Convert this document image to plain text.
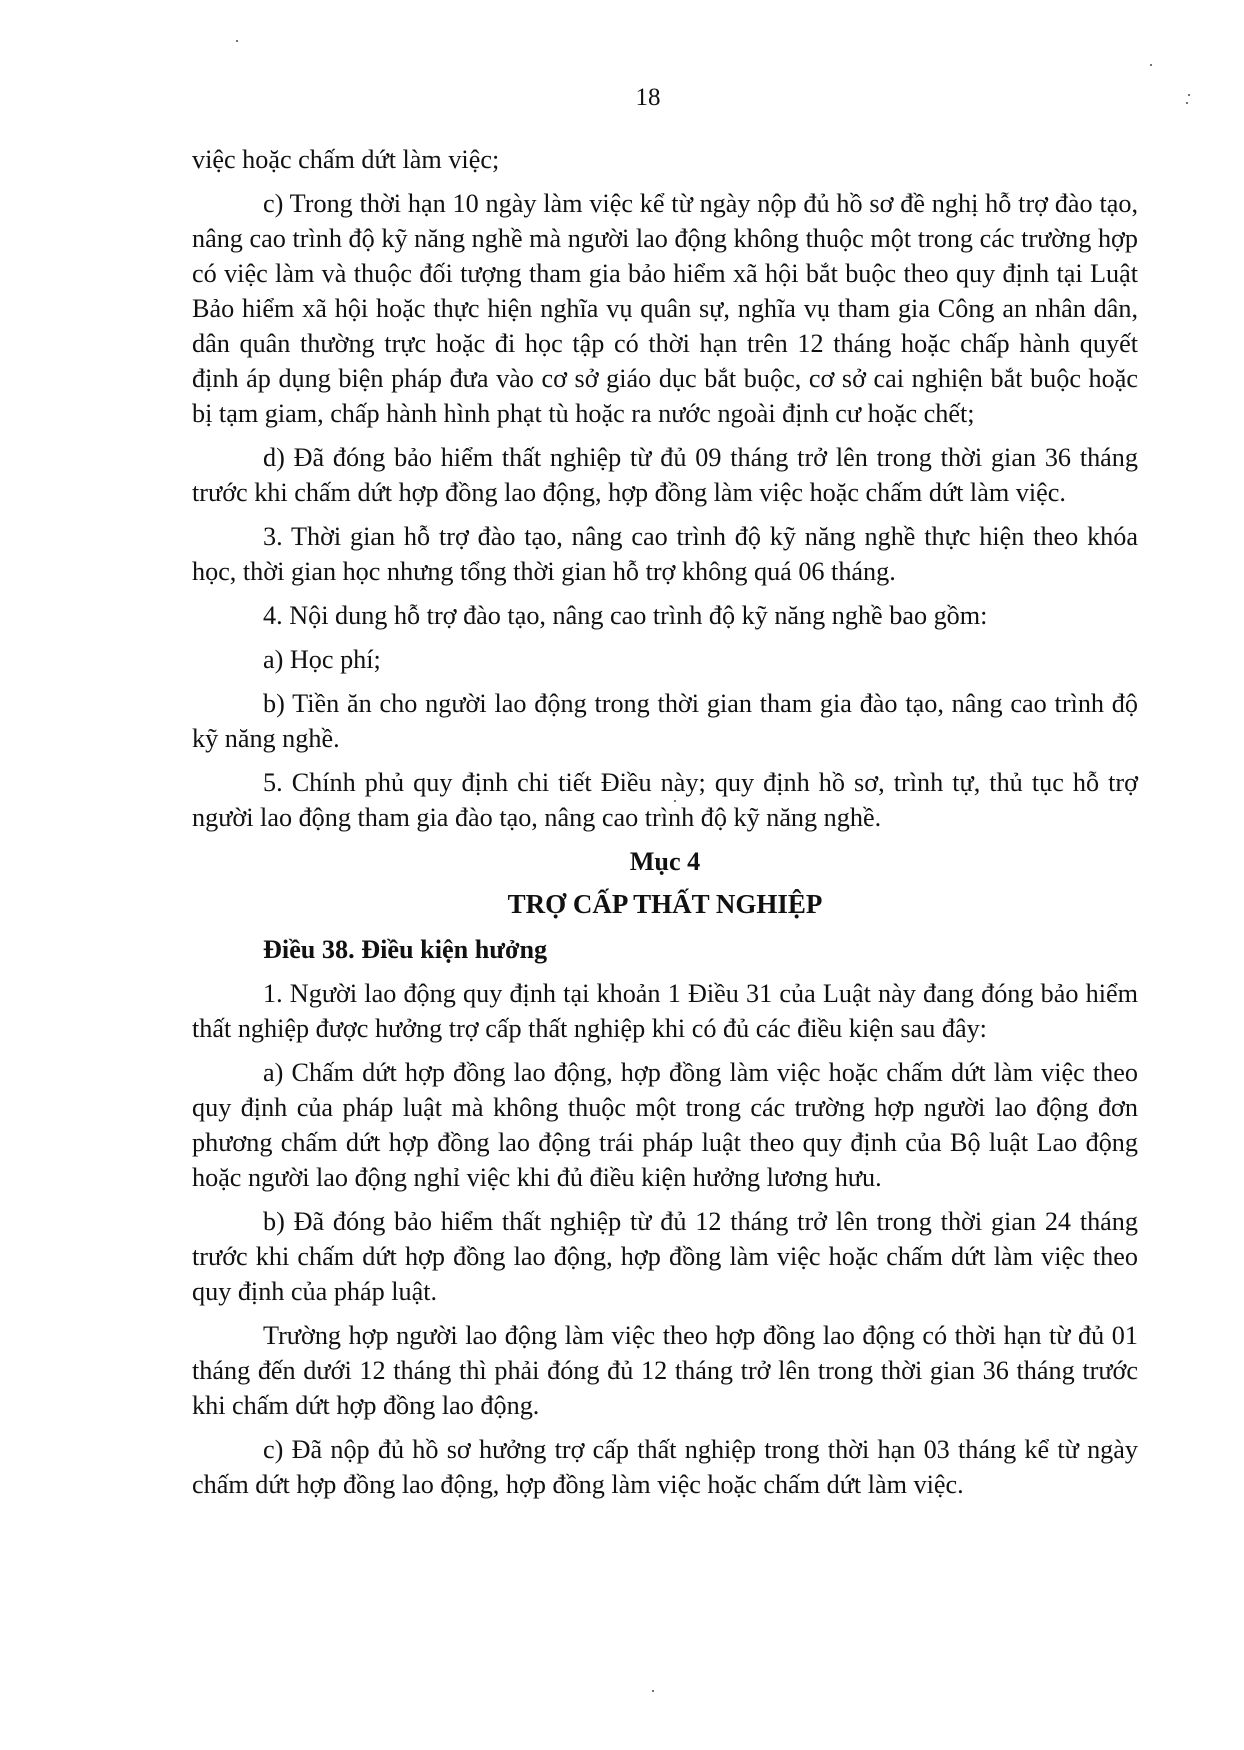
18

việc hoặc chấm dứt làm việc;

c) Trong thời hạn 10 ngày làm việc kể từ ngày nộp đủ hồ sơ đề nghị hỗ trợ đào tạo, nâng cao trình độ kỹ năng nghề mà người lao động không thuộc một trong các trường hợp có việc làm và thuộc đối tượng tham gia bảo hiểm xã hội bắt buộc theo quy định tại Luật Bảo hiểm xã hội hoặc thực hiện nghĩa vụ quân sự, nghĩa vụ tham gia Công an nhân dân, dân quân thường trực hoặc đi học tập có thời hạn trên 12 tháng hoặc chấp hành quyết định áp dụng biện pháp đưa vào cơ sở giáo dục bắt buộc, cơ sở cai nghiện bắt buộc hoặc bị tạm giam, chấp hành hình phạt tù hoặc ra nước ngoài định cư hoặc chết;

d) Đã đóng bảo hiểm thất nghiệp từ đủ 09 tháng trở lên trong thời gian 36 tháng trước khi chấm dứt hợp đồng lao động, hợp đồng làm việc hoặc chấm dứt làm việc.

3. Thời gian hỗ trợ đào tạo, nâng cao trình độ kỹ năng nghề thực hiện theo khóa học, thời gian học nhưng tổng thời gian hỗ trợ không quá 06 tháng.

4. Nội dung hỗ trợ đào tạo, nâng cao trình độ kỹ năng nghề bao gồm:

a) Học phí;

b) Tiền ăn cho người lao động trong thời gian tham gia đào tạo, nâng cao trình độ kỹ năng nghề.

5. Chính phủ quy định chi tiết Điều này; quy định hồ sơ, trình tự, thủ tục hỗ trợ người lao động tham gia đào tạo, nâng cao trình độ kỹ năng nghề.

Mục 4
TRỢ CẤP THẤT NGHIỆP
Điều 38. Điều kiện hưởng

1. Người lao động quy định tại khoản 1 Điều 31 của Luật này đang đóng bảo hiểm thất nghiệp được hưởng trợ cấp thất nghiệp khi có đủ các điều kiện sau đây:

a) Chấm dứt hợp đồng lao động, hợp đồng làm việc hoặc chấm dứt làm việc theo quy định của pháp luật mà không thuộc một trong các trường hợp người lao động đơn phương chấm dứt hợp đồng lao động trái pháp luật theo quy định của Bộ luật Lao động hoặc người lao động nghỉ việc khi đủ điều kiện hưởng lương hưu.

b) Đã đóng bảo hiểm thất nghiệp từ đủ 12 tháng trở lên trong thời gian 24 tháng trước khi chấm dứt hợp đồng lao động, hợp đồng làm việc hoặc chấm dứt làm việc theo quy định của pháp luật.

Trường hợp người lao động làm việc theo hợp đồng lao động có thời hạn từ đủ 01 tháng đến dưới 12 tháng thì phải đóng đủ 12 tháng trở lên trong thời gian 36 tháng trước khi chấm dứt hợp đồng lao động.

c) Đã nộp đủ hồ sơ hưởng trợ cấp thất nghiệp trong thời hạn 03 tháng kể từ ngày chấm dứt hợp đồng lao động, hợp đồng làm việc hoặc chấm dứt làm việc.
